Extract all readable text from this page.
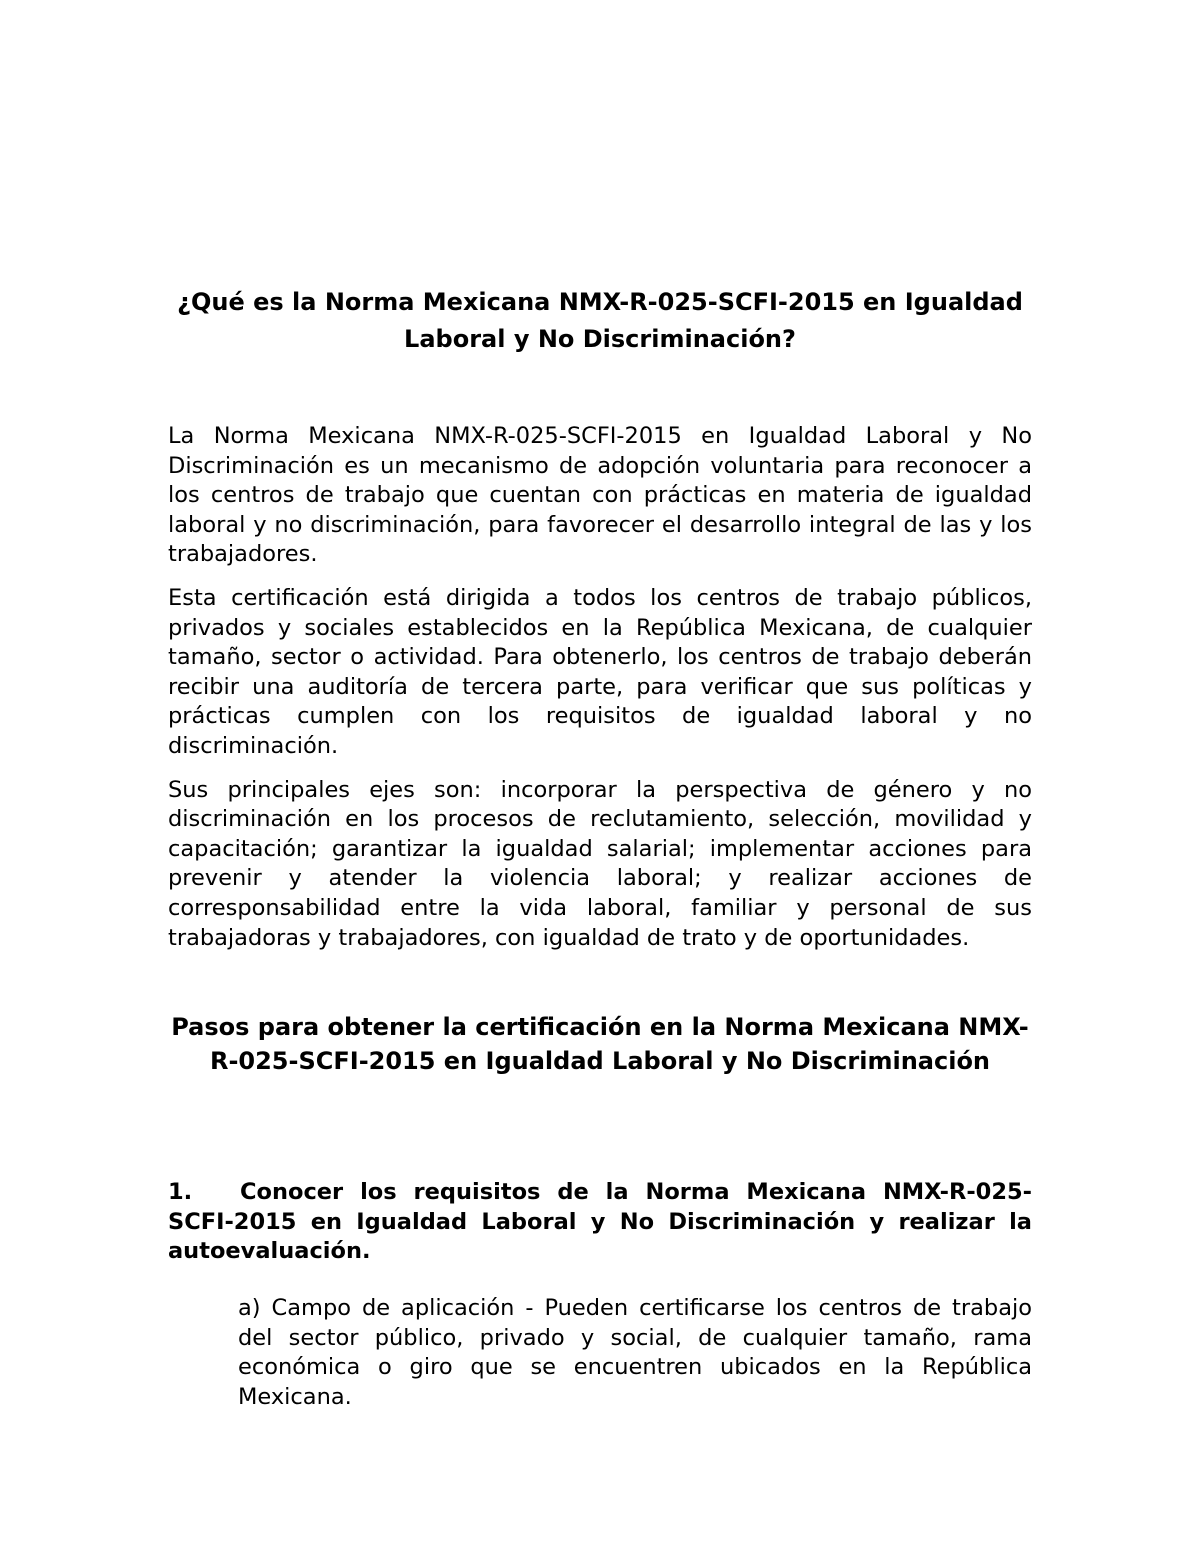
¿Qué es la Norma Mexicana NMX-R-025-SCFI-2015 en Igualdad Laboral y No Discriminación?

La Norma Mexicana NMX-R-025-SCFI-2015 en Igualdad Laboral y No Discriminación es un mecanismo de adopción voluntaria para reconocer a los centros de trabajo que cuentan con prácticas en materia de igualdad laboral y no discriminación, para favorecer el desarrollo integral de las y los trabajadores.

Esta certificación está dirigida a todos los centros de trabajo públicos, privados y sociales establecidos en la República Mexicana, de cualquier tamaño, sector o actividad. Para obtenerlo, los centros de trabajo deberán recibir una auditoría de tercera parte, para verificar que sus políticas y prácticas cumplen con los requisitos de igualdad laboral y no discriminación.

Sus principales ejes son: incorporar la perspectiva de género y no discriminación en los procesos de reclutamiento, selección, movilidad y capacitación; garantizar la igualdad salarial; implementar acciones para prevenir y atender la violencia laboral; y realizar acciones de corresponsabilidad entre la vida laboral, familiar y personal de sus trabajadoras y trabajadores, con igualdad de trato y de oportunidades.

Pasos para obtener la certificación en la Norma Mexicana NMX-R-025-SCFI-2015 en Igualdad Laboral y No Discriminación
1. Conocer los requisitos de la Norma Mexicana NMX-R-025-SCFI-2015 en Igualdad Laboral y No Discriminación y realizar la autoevaluación.
a) Campo de aplicación - Pueden certificarse los centros de trabajo del sector público, privado y social, de cualquier tamaño, rama económica o giro que se encuentren ubicados en la República Mexicana.
